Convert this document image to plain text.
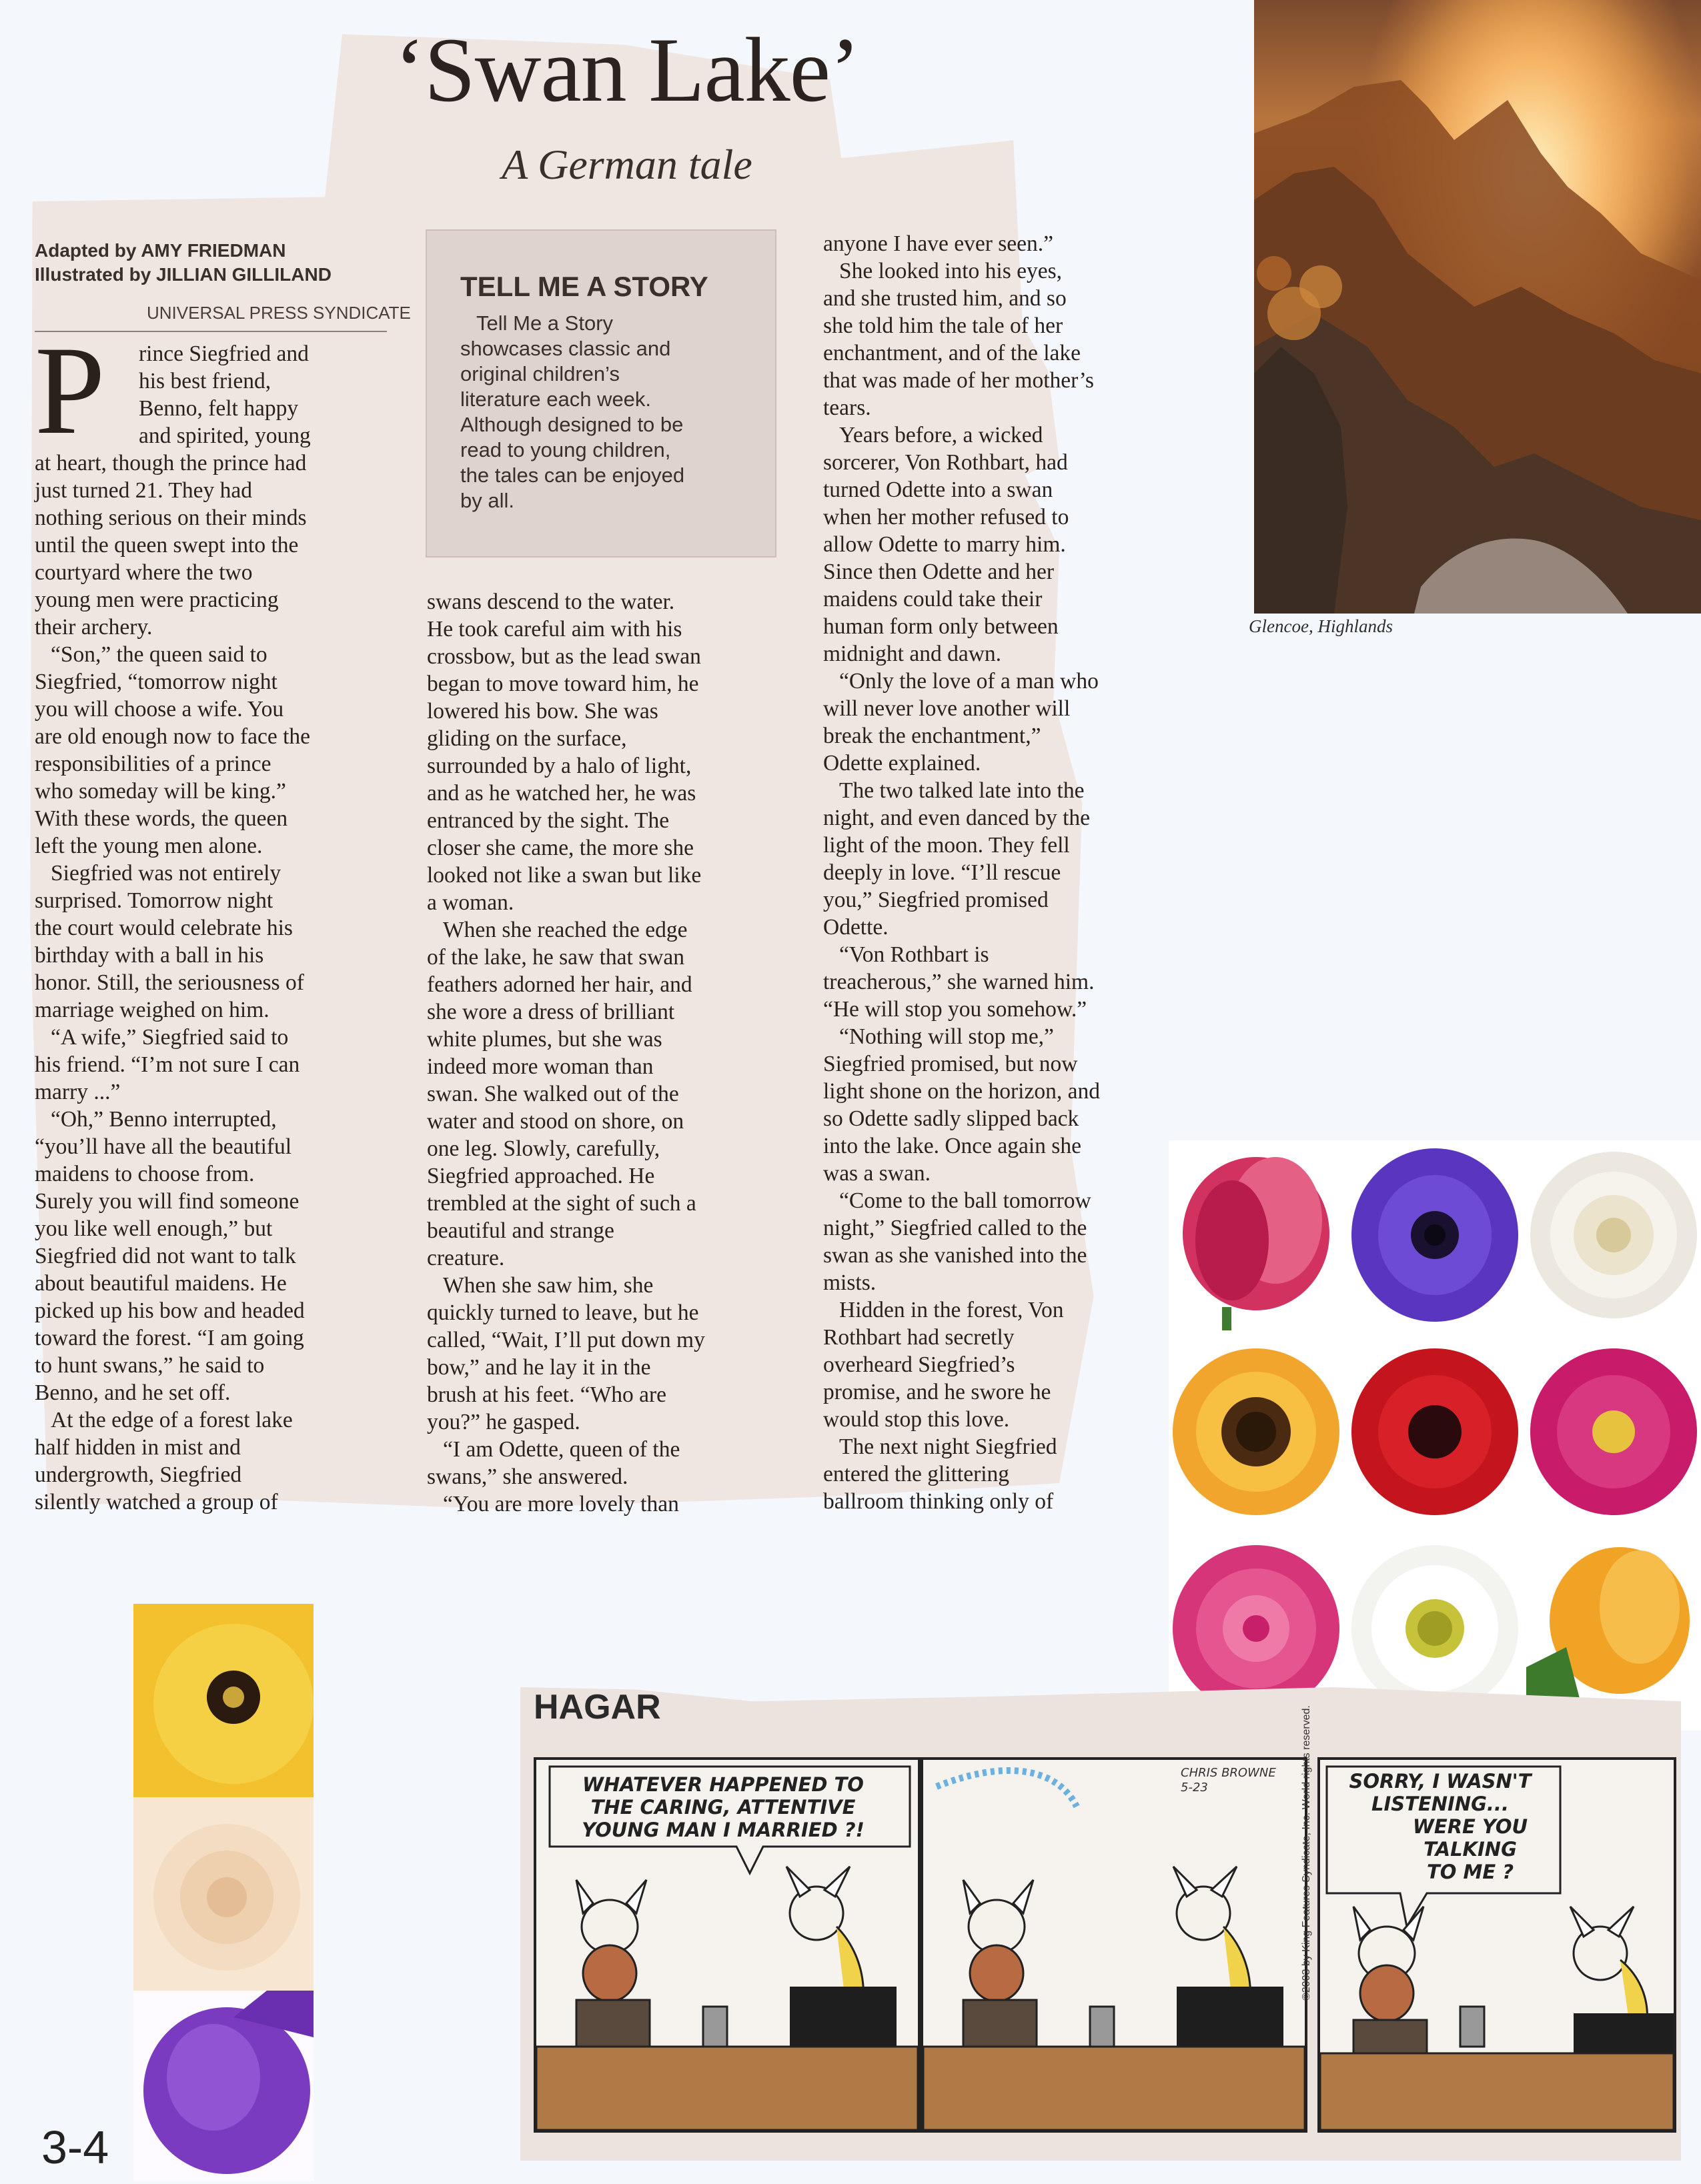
‘Swan Lake’
A German tale
Adapted by AMY FRIEDMAN
Illustrated by JILLIAN GILLILAND
UNIVERSAL PRESS SYNDICATE
P	rince Siegfried and
his best friend,
Benno, felt happy
and spirited, young

at heart, though the prince had

just turned 21. They had

nothing serious on their minds

until the queen swept into the

courtyard where the two

young men were practicing

their archery.

“Son,” the queen said to

Siegfried, “tomorrow night

you will choose a wife. You

are old enough now to face the

responsibilities of a prince

who someday will be king.”

With these words, the queen

left the young men alone.

Siegfried was not entirely

surprised. Tomorrow night

the court would celebrate his

birthday with a ball in his

honor. Still, the seriousness of

marriage weighed on him.

“A wife,” Siegfried said to

his friend. “I’m not sure I can

marry ...”

“Oh,” Benno interrupted,

“you’ll have all the beautiful

maidens to choose from.

Surely you will find someone

you like well enough,” but

Siegfried did not want to talk

about beautiful maidens. He

picked up his bow and headed

toward the forest. “I am going

to hunt swans,” he said to

Benno, and he set off.

At the edge of a forest lake

half hidden in mist and

undergrowth, Siegfried

silently watched a group of

TELL ME A STORY
Tell Me a Story
showcases classic and
original children’s
literature each week.
Although designed to be
read to young children,
the tales can be enjoyed
by all.

swans descend to the water.

He took careful aim with his

crossbow, but as the lead swan

began to move toward him, he

lowered his bow. She was

gliding on the surface,

surrounded by a halo of light,

and as he watched her, he was

entranced by the sight. The

closer she came, the more she

looked not like a swan but like

a woman.

When she reached the edge

of the lake, he saw that swan

feathers adorned her hair, and

she wore a dress of brilliant

white plumes, but she was

indeed more woman than

swan. She walked out of the

water and stood on shore, on

one leg. Slowly, carefully,

Siegfried approached. He

trembled at the sight of such a

beautiful and strange

creature.

When she saw him, she

quickly turned to leave, but he

called, “Wait, I’ll put down my

bow,” and he lay it in the

brush at his feet. “Who are

you?” he gasped.

“I am Odette, queen of the

swans,” she answered.

“You are more lovely than

anyone I have ever seen.”

She looked into his eyes,

and she trusted him, and so

she told him the tale of her

enchantment, and of the lake

that was made of her mother’s

tears.

Years before, a wicked

sorcerer, Von Rothbart, had

turned Odette into a swan

when her mother refused to

allow Odette to marry him.

Since then Odette and her

maidens could take their

human form only between

midnight and dawn.

“Only the love of a man who

will never love another will

break the enchantment,”

Odette explained.

The two talked late into the

night, and even danced by the

light of the moon. They fell

deeply in love. “I’ll rescue

you,” Siegfried promised

Odette.

“Von Rothbart is

treacherous,” she warned him.

“He will stop you somehow.”

“Nothing will stop me,”

Siegfried promised, but now

light shone on the horizon, and

so Odette sadly slipped back

into the lake. Once again she

was a swan.

“Come to the ball tomorrow

night,” Siegfried called to the

swan as she vanished into the

mists.

Hidden in the forest, Von

Rothbart had secretly

overheard Siegfried’s

promise, and he swore he

would stop this love.

The next night Siegfried

entered the glittering

ballroom thinking only of

Glencoe, Highlands
3-4
HAGAR
WHATEVER HAPPENED TO
THE CARING, ATTENTIVE
YOUNG MAN I MARRIED ?!
CHRIS BROWNE
5-23	SORRY, I WASN'T
LISTENING...
WERE YOU
TALKING
TO ME ?
©2003 by King Features Syndicate, Inc. World rights reserved.
